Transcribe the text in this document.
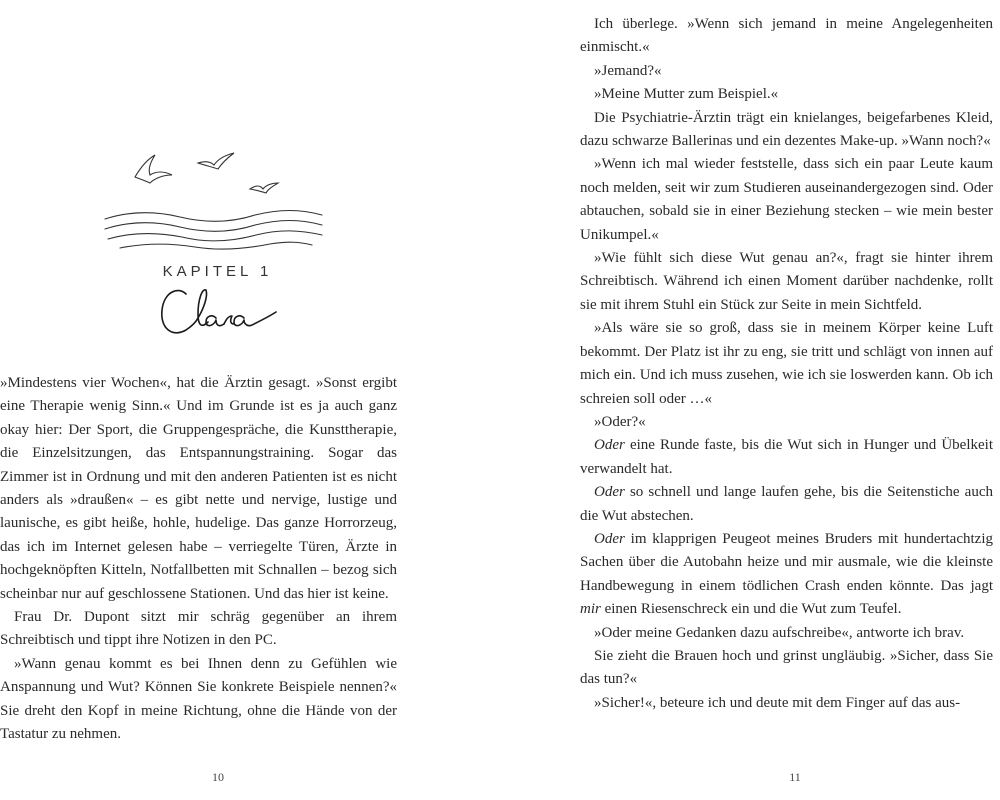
KAPITEL 1

»Mindestens vier Wochen«, hat die Ärztin gesagt. »Sonst ergibt eine Therapie wenig Sinn.« Und im Grunde ist es ja auch ganz okay hier: Der Sport, die Gruppengespräche, die Kunsttherapie, die Einzelsitzungen, das Entspannungstraining. Sogar das Zimmer ist in Ordnung und mit den anderen Patienten ist es nicht anders als »draußen« – es gibt nette und nervige, lustige und launische, es gibt heiße, hohle, hudelige. Das ganze Horrorzeug, das ich im Internet gelesen habe – verriegelte Türen, Ärzte in hochgeknöpften Kitteln, Notfallbetten mit Schnallen – bezog sich scheinbar nur auf geschlossene Stationen. Und das hier ist keine.

Frau Dr. Dupont sitzt mir schräg gegenüber an ihrem Schreibtisch und tippt ihre Notizen in den PC.

»Wann genau kommt es bei Ihnen denn zu Gefühlen wie Anspannung und Wut? Können Sie konkrete Beispiele nennen?« Sie dreht den Kopf in meine Richtung, ohne die Hände von der Tastatur zu nehmen.

10

Ich überlege. »Wenn sich jemand in meine Angelegenheiten einmischt.«

»Jemand?«

»Meine Mutter zum Beispiel.«

Die Psychiatrie-Ärztin trägt ein knielanges, beigefarbenes Kleid, dazu schwarze Ballerinas und ein dezentes Make-up. »Wann noch?«

»Wenn ich mal wieder feststelle, dass sich ein paar Leute kaum noch melden, seit wir zum Studieren auseinandergezogen sind. Oder abtauchen, sobald sie in einer Beziehung stecken – wie mein bester Unikumpel.«

»Wie fühlt sich diese Wut genau an?«, fragt sie hinter ihrem Schreibtisch. Während ich einen Moment darüber nachdenke, rollt sie mit ihrem Stuhl ein Stück zur Seite in mein Sichtfeld.

»Als wäre sie so groß, dass sie in meinem Körper keine Luft bekommt. Der Platz ist ihr zu eng, sie tritt und schlägt von innen auf mich ein. Und ich muss zusehen, wie ich sie loswerden kann. Ob ich schreien soll oder …«

»Oder?«

Oder eine Runde faste, bis die Wut sich in Hunger und Übelkeit verwandelt hat.

Oder so schnell und lange laufen gehe, bis die Seitenstiche auch die Wut abstechen.

Oder im klapprigen Peugeot meines Bruders mit hundertachtzig Sachen über die Autobahn heize und mir ausmale, wie die kleinste Handbewegung in einem tödlichen Crash enden könnte. Das jagt mir einen Riesenschreck ein und die Wut zum Teufel.

»Oder meine Gedanken dazu aufschreibe«, antworte ich brav.

Sie zieht die Brauen hoch und grinst ungläubig. »Sicher, dass Sie das tun?«

»Sicher!«, beteure ich und deute mit dem Finger auf das aus-

11
